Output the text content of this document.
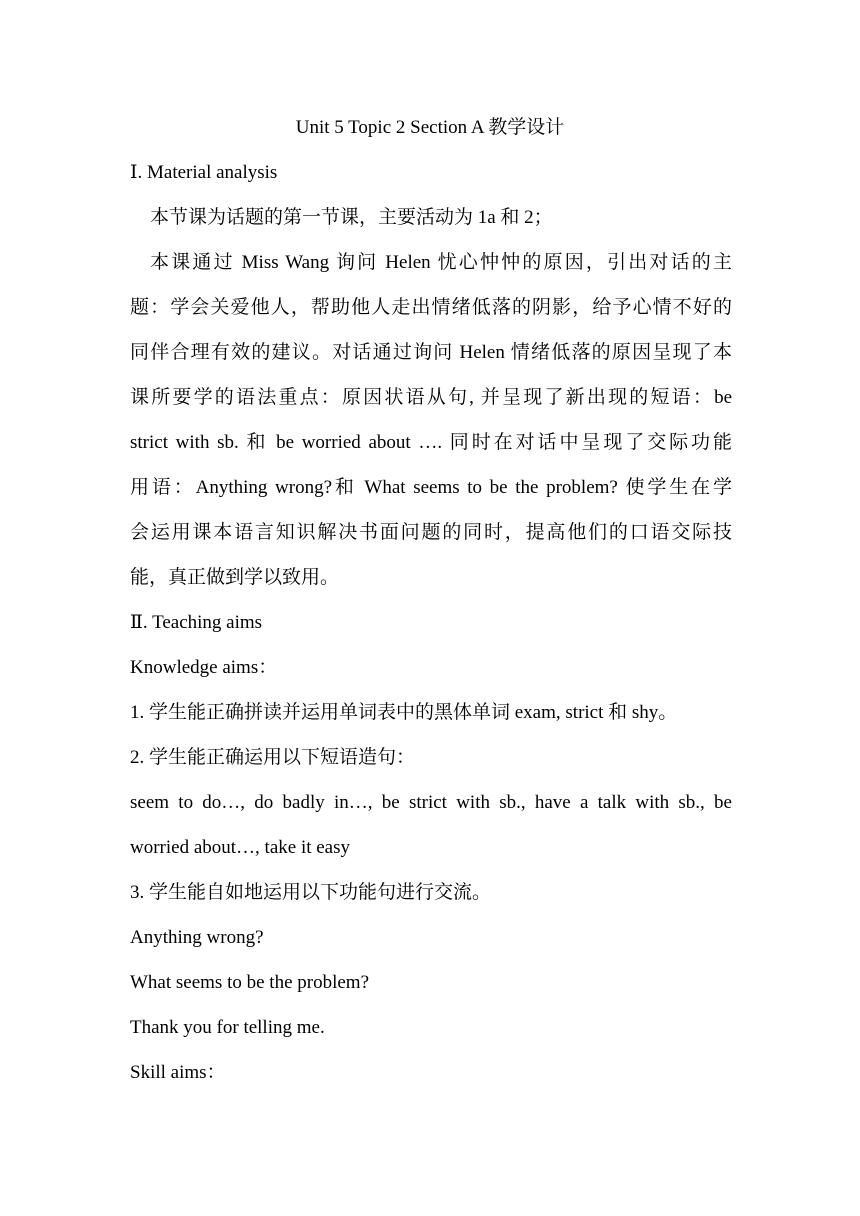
Unit 5 Topic 2 Section A 教学设计
Ⅰ. Material analysis
本节课为话题的第一节课，主要活动为 1a 和 2；
本课通过 Miss Wang 询问 Helen 忧心忡忡的原因，引出对话的主
题：学会关爱他人，帮助他人走出情绪低落的阴影，给予心情不好的
同伴合理有效的建议。对话通过询问 Helen 情绪低落的原因呈现了本
课所要学的语法重点：原因状语从句, 并呈现了新出现的短语：be
strict with sb. 和 be worried about …. 同时在对话中呈现了交际功能
用语：Anything wrong?和 What seems to be the problem? 使学生在学
会运用课本语言知识解决书面问题的同时，提高他们的口语交际技
能，真正做到学以致用。
Ⅱ. Teaching aims
Knowledge aims：
1. 学生能正确拼读并运用单词表中的黑体单词 exam, strict 和 shy。
2. 学生能正确运用以下短语造句：
seem to do…, do badly in…, be strict with sb., have a talk with sb., be
worried about…, take it easy
3. 学生能自如地运用以下功能句进行交流。
Anything wrong?
What seems to be the problem?
Thank you for telling me.
Skill aims：
